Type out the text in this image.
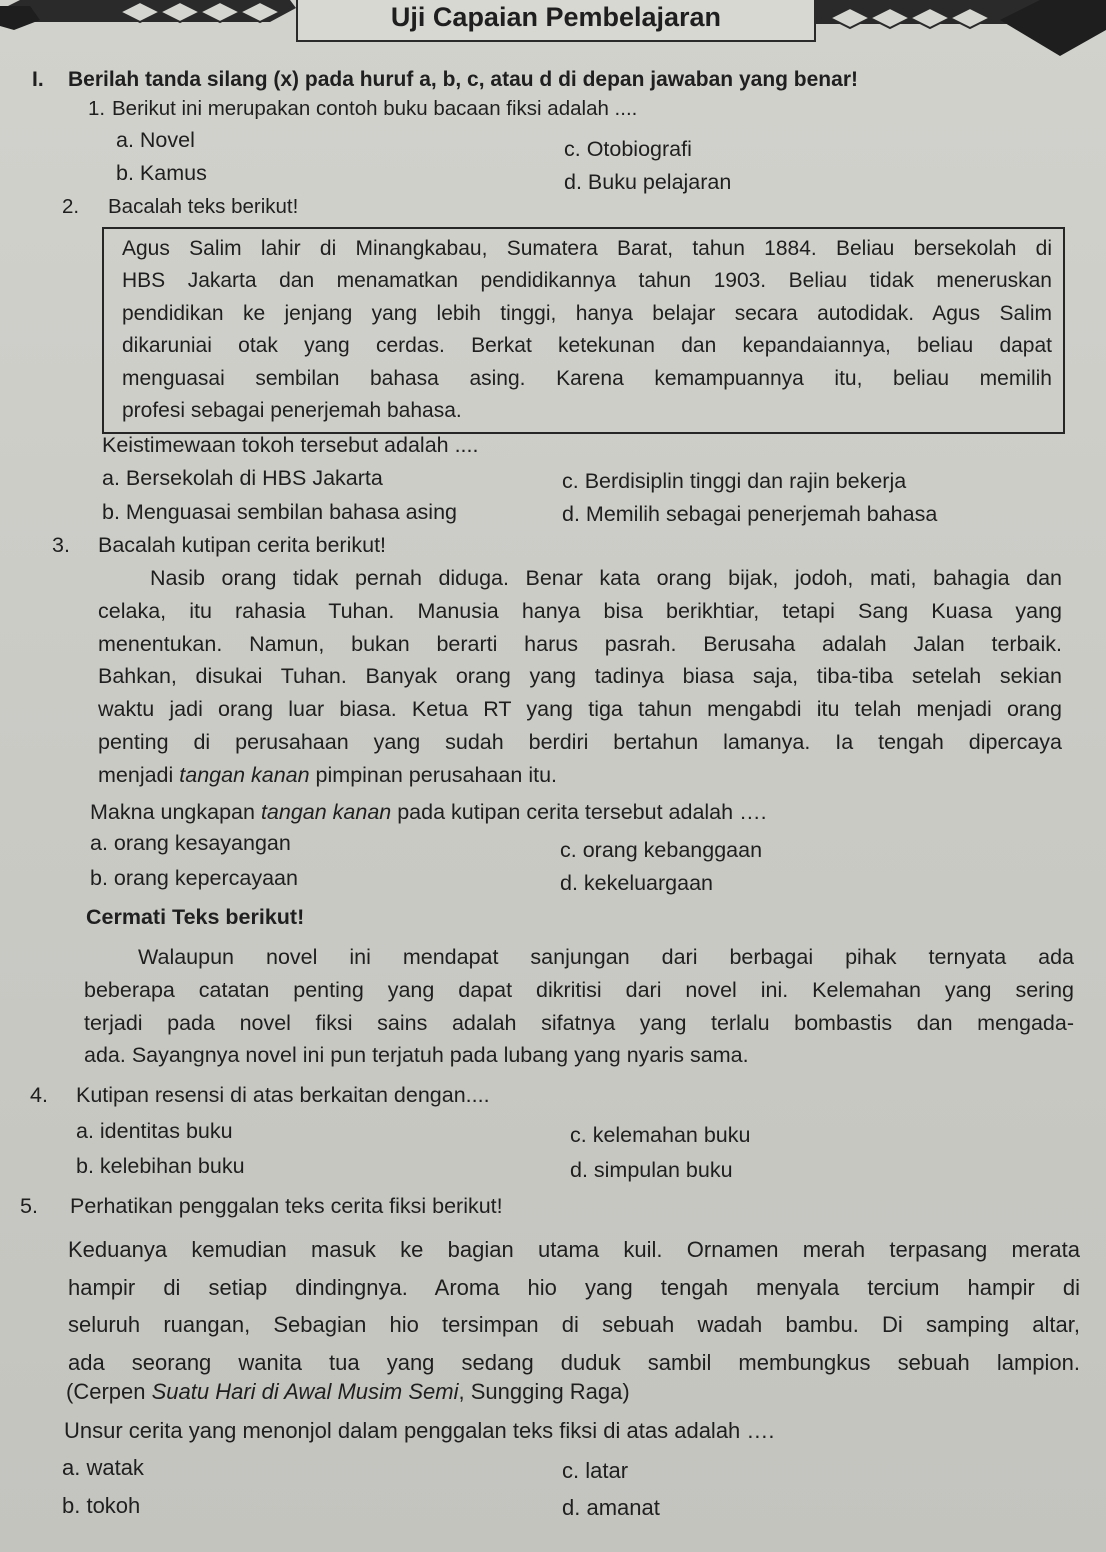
Uji Capaian Pembelajaran
I. Berilah tanda silang (x) pada huruf a, b, c, atau d di depan jawaban yang benar!
1. Berikut ini merupakan contoh buku bacaan fiksi adalah ....
a. Novel
b. Kamus
c. Otobiografi
d. Buku pelajaran
2. Bacalah teks berikut!
Agus Salim lahir di Minangkabau, Sumatera Barat, tahun 1884. Beliau bersekolah di
HBS Jakarta dan menamatkan pendidikannya tahun 1903. Beliau tidak meneruskan
pendidikan ke jenjang yang lebih tinggi, hanya belajar secara autodidak. Agus Salim
dikaruniai otak yang cerdas. Berkat ketekunan dan kepandaiannya, beliau dapat
menguasai sembilan bahasa asing. Karena kemampuannya itu, beliau memilih
profesi sebagai penerjemah bahasa.
Keistimewaan tokoh tersebut adalah ....
a. Bersekolah di HBS Jakarta
b. Menguasai sembilan bahasa asing
c. Berdisiplin tinggi dan rajin bekerja
d. Memilih sebagai penerjemah bahasa
3. Bacalah kutipan cerita berikut!
Nasib orang tidak pernah diduga. Benar kata orang bijak, jodoh, mati, bahagia dan
celaka, itu rahasia Tuhan. Manusia hanya bisa berikhtiar, tetapi Sang Kuasa yang
menentukan. Namun, bukan berarti harus pasrah. Berusaha adalah Jalan terbaik.
Bahkan, disukai Tuhan. Banyak orang yang tadinya biasa saja, tiba-tiba setelah sekian
waktu jadi orang luar biasa. Ketua RT yang tiga tahun mengabdi itu telah menjadi orang
penting di perusahaan yang sudah berdiri bertahun lamanya. Ia tengah dipercaya
menjadi tangan kanan pimpinan perusahaan itu.
Makna ungkapan tangan kanan pada kutipan cerita tersebut adalah ….
a. orang kesayangan
b. orang kepercayaan
c. orang kebanggaan
d. kekeluargaan
Cermati Teks berikut!
Walaupun novel ini mendapat sanjungan dari berbagai pihak ternyata ada
beberapa catatan penting yang dapat dikritisi dari novel ini. Kelemahan yang sering
terjadi pada novel fiksi sains adalah sifatnya yang terlalu bombastis dan mengada-
ada. Sayangnya novel ini pun terjatuh pada lubang yang nyaris sama.
4. Kutipan resensi di atas berkaitan dengan....
a. identitas buku
b. kelebihan buku
c. kelemahan buku
d. simpulan buku
5. Perhatikan penggalan teks cerita fiksi berikut!
Keduanya kemudian masuk ke bagian utama kuil. Ornamen merah terpasang merata
hampir di setiap dindingnya. Aroma hio yang tengah menyala tercium hampir di
seluruh ruangan, Sebagian hio tersimpan di sebuah wadah bambu. Di samping altar,
ada seorang wanita tua yang sedang duduk sambil membungkus sebuah lampion.
(Cerpen Suatu Hari di Awal Musim Semi, Sungging Raga)
Unsur cerita yang menonjol dalam penggalan teks fiksi di atas adalah ….
a. watak
b. tokoh
c. latar
d. amanat
